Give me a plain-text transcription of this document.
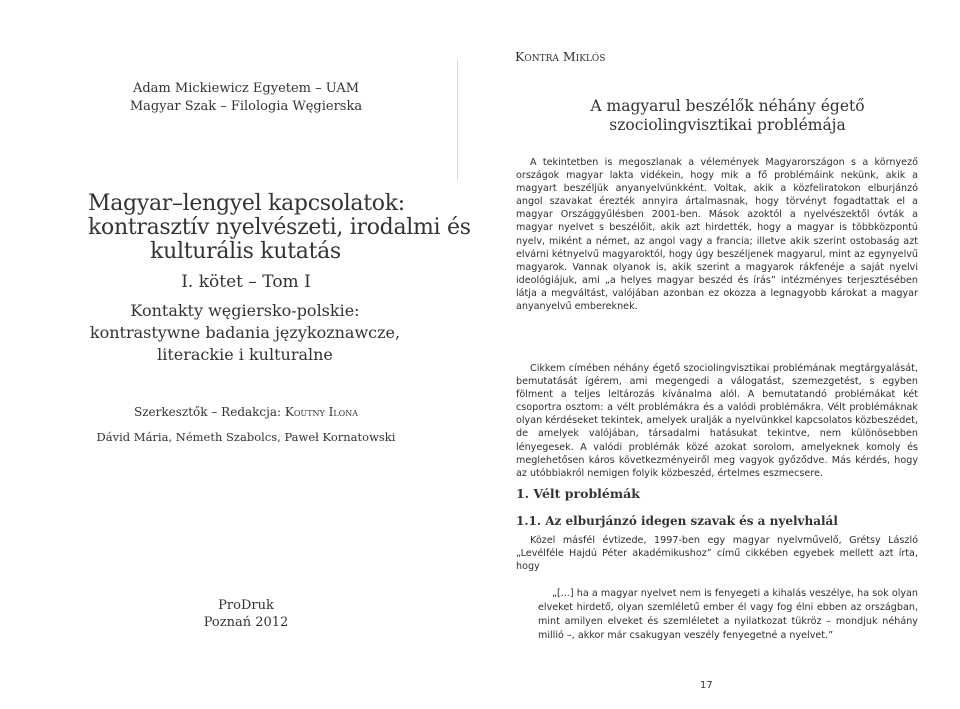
Adam Mickiewicz Egyetem – UAM
Magyar Szak – Filologia Węgierska
Magyar–lengyel kapcsolatok:
kontrasztív nyelvészeti, irodalmi és
kulturális kutatás
I. kötet – Tom I
Kontakty węgiersko-polskie:
kontrastywne badania językoznawcze,
literackie i kulturalne
Szerkesztők – Redakcja: Koutny Ilona
Dávid Mária, Németh Szabolcs, Paweł Kornatowski
ProDruk
Poznań 2012
Kontra Miklós
A magyarul beszélők néhány égető
szociolingvisztikai problémája

A tekintetben is megoszlanak a vélemények Magyarországon s a környező országok magyar lakta vidékein, hogy mik a fő problémáink nekünk, akik a magyart beszéljük anyanyelvünkként. Voltak, akik a közfeliratokon elburjánzó angol szavakat érezték annyira ártalmasnak, hogy törvényt fogadtattak el a magyar Országgyűlésben 2001-ben. Mások azoktól a nyelvészektől óvták a magyar nyelvet s beszélőit, akik azt hirdették, hogy a magyar is többközpontú nyelv, miként a német, az angol vagy a francia; illetve akik szerint ostobaság azt elvárni kétnyelvű magyaroktól, hogy úgy beszéljenek magyarul, mint az egynyelvű magyarok. Vannak olyanok is, akik szerint a magyarok rákfenéje a saját nyelvi ideológiájuk, ami „a helyes magyar beszéd és írás” intézményes terjesztésében látja a megváltást, valójában azonban ez okozza a legnagyobb károkat a magyar anyanyelvű embereknek.

Cikkem címében néhány égető szociolingvisztikai problémának megtárgyalását, bemutatását ígérem, ami megengedi a válogatást, szemezgetést, s egyben fölment a teljes leltározás kívánalma alól. A bemutatandó problémákat két csoportra osztom: a vélt problémákra és a valódi problémákra. Vélt problémáknak olyan kérdéseket tekintek, amelyek uralják a nyelvünkkel kapcsolatos közbeszédet, de amelyek valójában, társadalmi hatásukat tekintve, nem különösebben lényegesek. A valódi problémák közé azokat sorolom, amelyeknek komoly és meglehetősen káros következményeiről meg vagyok győződve. Más kérdés, hogy az utóbbiakról nemigen folyik közbeszéd, értelmes eszmecsere.

1. Vélt problémák
1.1. Az elburjánzó idegen szavak és a nyelvhalál

Közel másfél évtizede, 1997-ben egy magyar nyelvművelő, Grétsy László „Levélféle Hajdú Péter akadémikushoz” című cikkében egyebek mellett azt írta, hogy

„[...] ha a magyar nyelvet nem is fenyegeti a kihalás veszélye, ha sok olyan elveket hirdető, olyan szemléletű ember él vagy fog élni ebben az országban, mint amilyen elveket és szemléletet a nyilatkozat tükröz – mondjuk néhány millió –, akkor már csakugyan veszély fenyegetné a nyelvet.”
17
